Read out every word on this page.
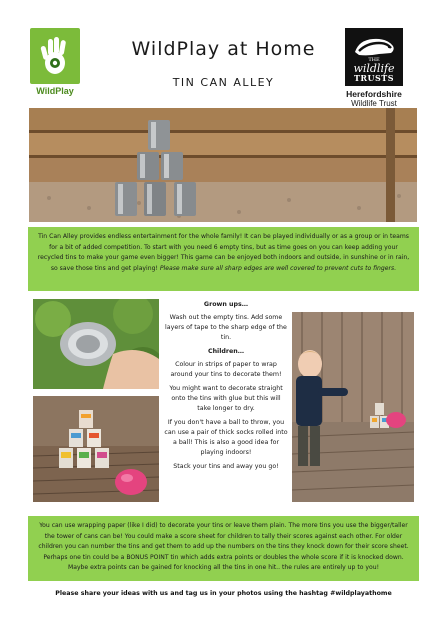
WildPlay
WildPlay at Home
TIN CAN ALLEY
THE
wildlife
TRUSTS
Herefordshire
Wildlife Trust
Tin Can Alley provides endless entertainment for the whole family! It can be played individually or as a group or in teams for a bit of added competition. To start with you need 6 empty tins, but as time goes on you can keep adding your recycled tins to make your game even bigger! This game can be enjoyed both indoors and outside, in sunshine or in rain, so save those tins and get playing! Please make sure all sharp edges are well covered to prevent cuts to fingers.
Grown ups…

Wash out the empty tins. Add some layers of tape to the sharp edge of the tin.

Children…

Colour in strips of paper to wrap around your tins to decorate them!

You might want to decorate straight onto the tins with glue but this will take longer to dry.

If you don't have a ball to throw, you can use a pair of thick socks rolled into a ball! This is also a good idea for playing indoors!

Stack your tins and away you go!

You can use wrapping paper (like I did) to decorate your tins or leave them plain. The more tins you use the bigger/taller the tower of cans can be! You could make a score sheet for children to tally their scores against each other. For older children you can number the tins and get them to add up the numbers on the tins they knock down for their score sheet. Perhaps one tin could be a BONUS POINT tin which adds extra points or doubles the whole score if it is knocked down. Maybe extra points can be gained for knocking all the tins in one hit.. the rules are entirely up to you!
Please share your ideas with us and tag us in your photos using the hashtag #wildplayathome
